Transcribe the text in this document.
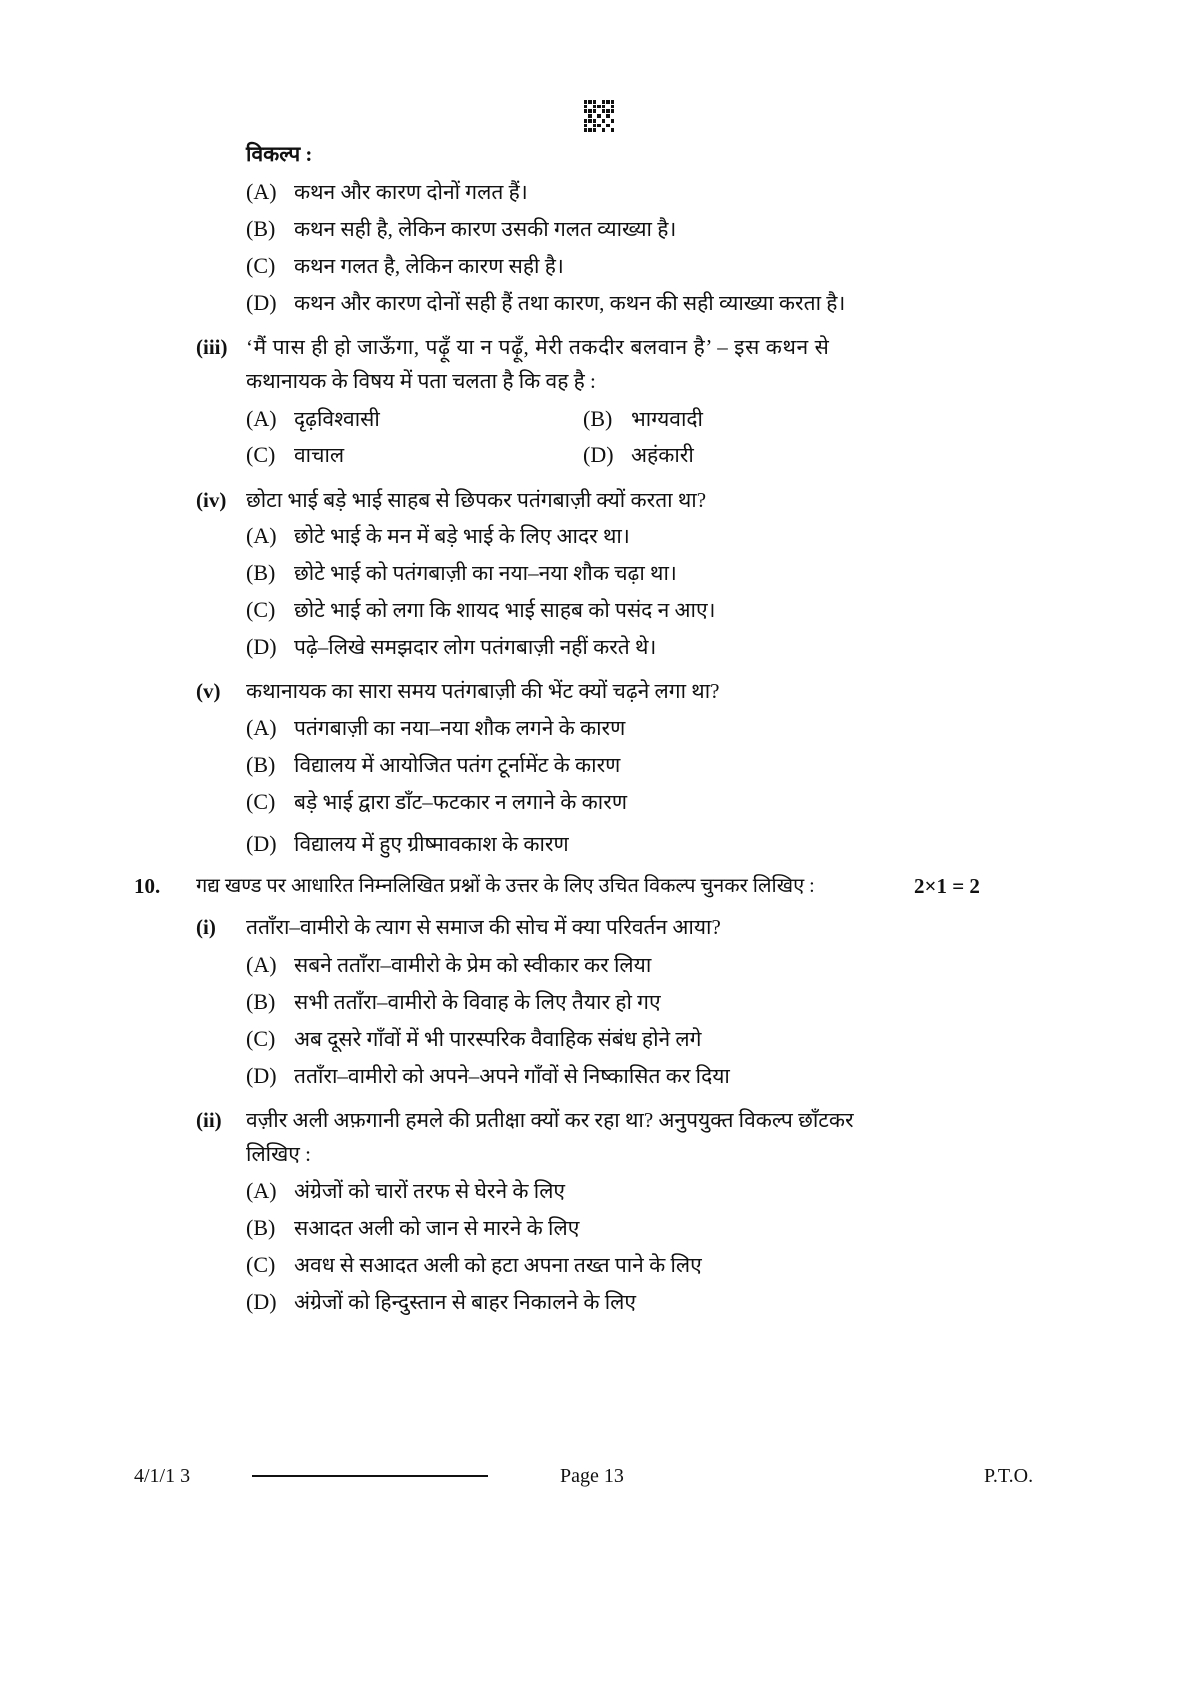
विकल्प :
(A) कथन और कारण दोनों गलत हैं।
(B) कथन सही है, लेकिन कारण उसकी गलत व्याख्या है।
(C) कथन गलत है, लेकिन कारण सही है।
(D) कथन और कारण दोनों सही हैं तथा कारण, कथन की सही व्याख्या करता है।
(iii) ‘मैं पास ही हो जाऊँगा, पढ़ूँ या न पढ़ूँ, मेरी तकदीर बलवान है’ – इस कथन से
कथानायक के विषय में पता चलता है कि वह है :
(A) दृढ़विश्वासी	(B) भाग्यवादी
(C) वाचाल	(D) अहंकारी
(iv) छोटा भाई बड़े भाई साहब से छिपकर पतंगबाज़ी क्यों करता था?
(A) छोटे भाई के मन में बड़े भाई के लिए आदर था।
(B) छोटे भाई को पतंगबाज़ी का नया–नया शौक चढ़ा था।
(C) छोटे भाई को लगा कि शायद भाई साहब को पसंद न आए।
(D) पढ़े–लिखे समझदार लोग पतंगबाज़ी नहीं करते थे।
(v) कथानायक का सारा समय पतंगबाज़ी की भेंट क्यों चढ़ने लगा था?
(A) पतंगबाज़ी का नया–नया शौक लगने के कारण
(B) विद्यालय में आयोजित पतंग टूर्नामेंट के कारण
(C) बड़े भाई द्वारा डाँट–फटकार न लगाने के कारण
(D) विद्यालय में हुए ग्रीष्मावकाश के कारण
10. गद्य खण्ड पर आधारित निम्नलिखित प्रश्नों के उत्तर के लिए उचित विकल्प चुनकर लिखिए :	2×1 = 2
(i) तताँरा–वामीरो के त्याग से समाज की सोच में क्या परिवर्तन आया?
(A) सबने तताँरा–वामीरो के प्रेम को स्वीकार कर लिया
(B) सभी तताँरा–वामीरो के विवाह के लिए तैयार हो गए
(C) अब दूसरे गाँवों में भी पारस्परिक वैवाहिक संबंध होने लगे
(D) तताँरा–वामीरो को अपने–अपने गाँवों से निष्कासित कर दिया
(ii) वज़ीर अली अफ़गानी हमले की प्रतीक्षा क्यों कर रहा था? अनुपयुक्त विकल्प छाँटकर
लिखिए :
(A) अंग्रेजों को चारों तरफ से घेरने के लिए
(B) सआदत अली को जान से मारने के लिए
(C) अवध से सआदत अली को हटा अपना तख्त पाने के लिए
(D) अंग्रेजों को हिन्दुस्तान से बाहर निकालने के लिए
4/1/1 3	Page 13	P.T.O.
